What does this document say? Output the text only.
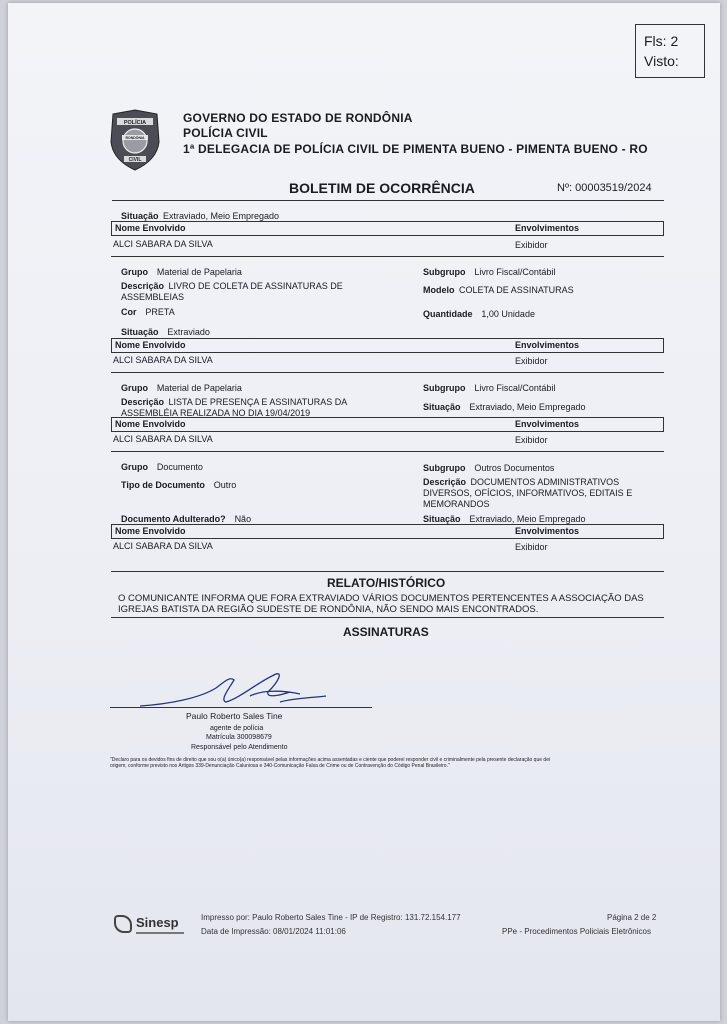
Fls: 2
Visto:
POLÍCIA
RONDÔNIA
CIVIL
GOVERNO DO ESTADO DE RONDÔNIA
POLÍCIA CIVIL
1ª DELEGACIA DE POLÍCIA CIVIL DE PIMENTA BUENO - PIMENTA BUENO - RO
BOLETIM DE OCORRÊNCIA	Nº: 00003519/2024
Situação Extraviado, Meio Empregado
Nome Envolvido	Envolvimentos
ALCI SABARA DA SILVA	Exibidor
Grupo Material de Papelaria	Subgrupo Livro Fiscal/Contábil
Descrição LIVRO DE COLETA DE ASSINATURAS DE
ASSEMBLEIAS
Modelo COLETA DE ASSINATURAS
Cor PRETA	Quantidade 1,00 Unidade
Situação Extraviado
Nome Envolvido	Envolvimentos
ALCI SABARA DA SILVA	Exibidor
Grupo Material de Papelaria	Subgrupo Livro Fiscal/Contábil
Descrição LISTA DE PRESENÇA E ASSINATURAS DA
ASSEMBLÉIA REALIZADA NO DIA 19/04/2019
Situação Extraviado, Meio Empregado
Nome Envolvido	Envolvimentos
ALCI SABARA DA SILVA	Exibidor
Grupo Documento	Subgrupo Outros Documentos
Tipo de Documento Outro	Descrição DOCUMENTOS ADMINISTRATIVOS
DIVERSOS, OFÍCIOS, INFORMATIVOS, EDITAIS E
MEMORANDOS
Documento Adulterado? Não	Situação Extraviado, Meio Empregado
Nome Envolvido	Envolvimentos
ALCI SABARA DA SILVA	Exibidor
RELATO/HISTÓRICO
O COMUNICANTE INFORMA QUE FORA EXTRAVIADO VÁRIOS DOCUMENTOS PERTENCENTES A ASSOCIAÇÃO DAS
IGREJAS BATISTA DA REGIÃO SUDESTE DE RONDÔNIA, NÃO SENDO MAIS ENCONTRADOS.
ASSINATURAS
Paulo Roberto Sales Tine
agente de polícia
Matrícula 300098679
Responsável pelo Atendimento
"Declaro para os devidos fins de direito que sou o(a) único(a) responsável pelas informações acima assentadas e ciente que poderei responder civil e criminalmente pela presente declaração que dei
origem, conforme previsto nos Artigos 339-Denunciação Caluniosa e 340-Comunicação Falsa de Crime ou de Contravenção do Código Penal Brasileiro."
Sinesp	Impresso por: Paulo Roberto Sales Tine - IP de Registro: 131.72.154.177
Data de Impressão: 08/01/2024 11:01:06
Página 2 de 2
PPe - Procedimentos Policiais Eletrônicos
